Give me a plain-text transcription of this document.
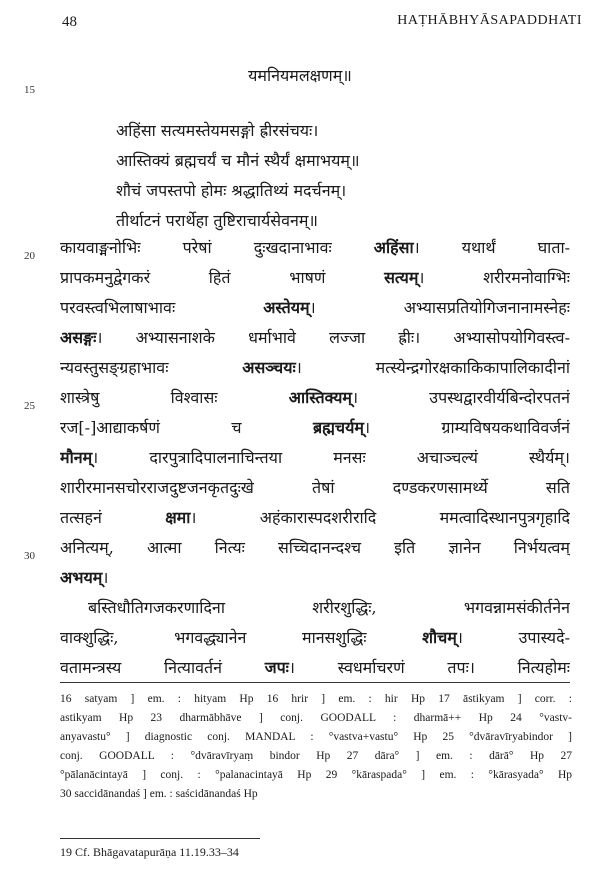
48	HAṬHĀBHYĀSAPADDHATI
15
20
25
30
यमनियमलक्षणम्॥
अहिंसा सत्यमस्तेयमसङ्गो ह्रीरसंचयः।
आस्तिक्यं ब्रह्मचर्यं च मौनं स्थैर्यं क्षमाभयम्॥
शौचं जपस्तपो होमः श्रद्धातिथ्यं मदर्चनम्।
तीर्थाटनं परार्थेहा तुष्टिराचार्यसेवनम्॥
कायवाङ्मनोभिः परेषां दुःखदानाभावः अहिंसा। यथार्थं घाता-
प्रापकमनुद्वेगकरं हितं भाषणं सत्यम्। शरीरमनोवाग्भिः
परवस्त्वभिलाषाभावः अस्तेयम्। अभ्यासप्रतियोगिजनानामस्नेहः
असङ्गः। अभ्यासनाशके धर्माभावे लज्जा ह्रीः। अभ्यासोपयोगिवस्त्व-
न्यवस्तुसङ्ग्रहाभावः असञ्चयः। मत्स्येन्द्रगोरक्षकाकिकापालिकादीनां
शास्त्रेषु विश्वासः आस्तिक्यम्। उपस्थद्वारवीर्यबिन्दोरपतनं
रज[-]आद्याकर्षणं च ब्रह्मचर्यम्। ग्राम्यविषयकथाविवर्जनं
मौनम्। दारपुत्रादिपालनाचिन्तया मनसः अचाञ्चल्यं स्थैर्यम्।
शारीरमानसचोरराजदुष्टजनकृतदुःखे तेषां दण्डकरणसामर्थ्ये सति
तत्सहनं क्षमा। अहंकारास्पदशरीरादि ममत्वादिस्थानपुत्रगृहादि
अनित्यम्, आत्मा नित्यः सच्चिदानन्दश्च इति ज्ञानेन निर्भयत्वम्
अभयम्।
बस्तिधौतिगजकरणादिना शरीरशुद्धिः, भगवन्नामसंकीर्तनेन
वाक्शुद्धिः, भगवद्ध्यानेन मानसशुद्धिः शौचम्। उपास्यदे-
वतामन्त्रस्य नित्यावर्तनं जपः। स्वधर्माचरणं तपः। नित्यहोमः
16 satyam ] em. : hityam Hp 16 hrir ] em. : hir Hp 17 āstikyam ] corr. :
astikyam Hp 23 dharmābhāve ] conj. GOODALL : dharmā++ Hp 24 °vastv-
anyavastu° ] diagnostic conj. MANDAL : °vastva+vastu° Hp 25 °dvāravīryabindor ]
conj. GOODALL : °dvāravīryaṃ bindor Hp 27 dāra° ] em. : dārā° Hp 27
°pālanācintayā ] conj. : °palanacintayā Hp 29 °kāraspada° ] em. : °kārasyada° Hp
30 saccidānandaś ] em. : saścidānandaś Hp
19 Cf. Bhāgavatapurāṇa 11.19.33–34
